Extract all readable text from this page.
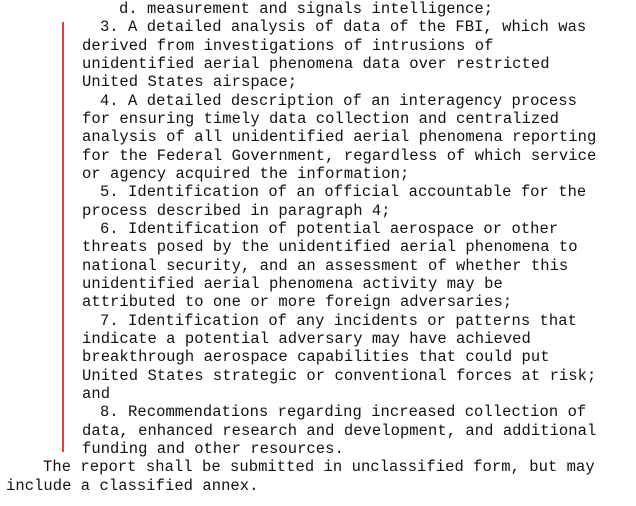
d. measurement and signals intelligence;
3. A detailed analysis of data of the FBI, which was
derived from investigations of intrusions of
unidentified aerial phenomena data over restricted
United States airspace;
4. A detailed description of an interagency process
for ensuring timely data collection and centralized
analysis of all unidentified aerial phenomena reporting
for the Federal Government, regardless of which service
or agency acquired the information;
5. Identification of an official accountable for the
process described in paragraph 4;
6. Identification of potential aerospace or other
threats posed by the unidentified aerial phenomena to
national security, and an assessment of whether this
unidentified aerial phenomena activity may be
attributed to one or more foreign adversaries;
7. Identification of any incidents or patterns that
indicate a potential adversary may have achieved
breakthrough aerospace capabilities that could put
United States strategic or conventional forces at risk;
and
8. Recommendations regarding increased collection of
data, enhanced research and development, and additional
funding and other resources.
The report shall be submitted in unclassified form, but may
include a classified annex.
